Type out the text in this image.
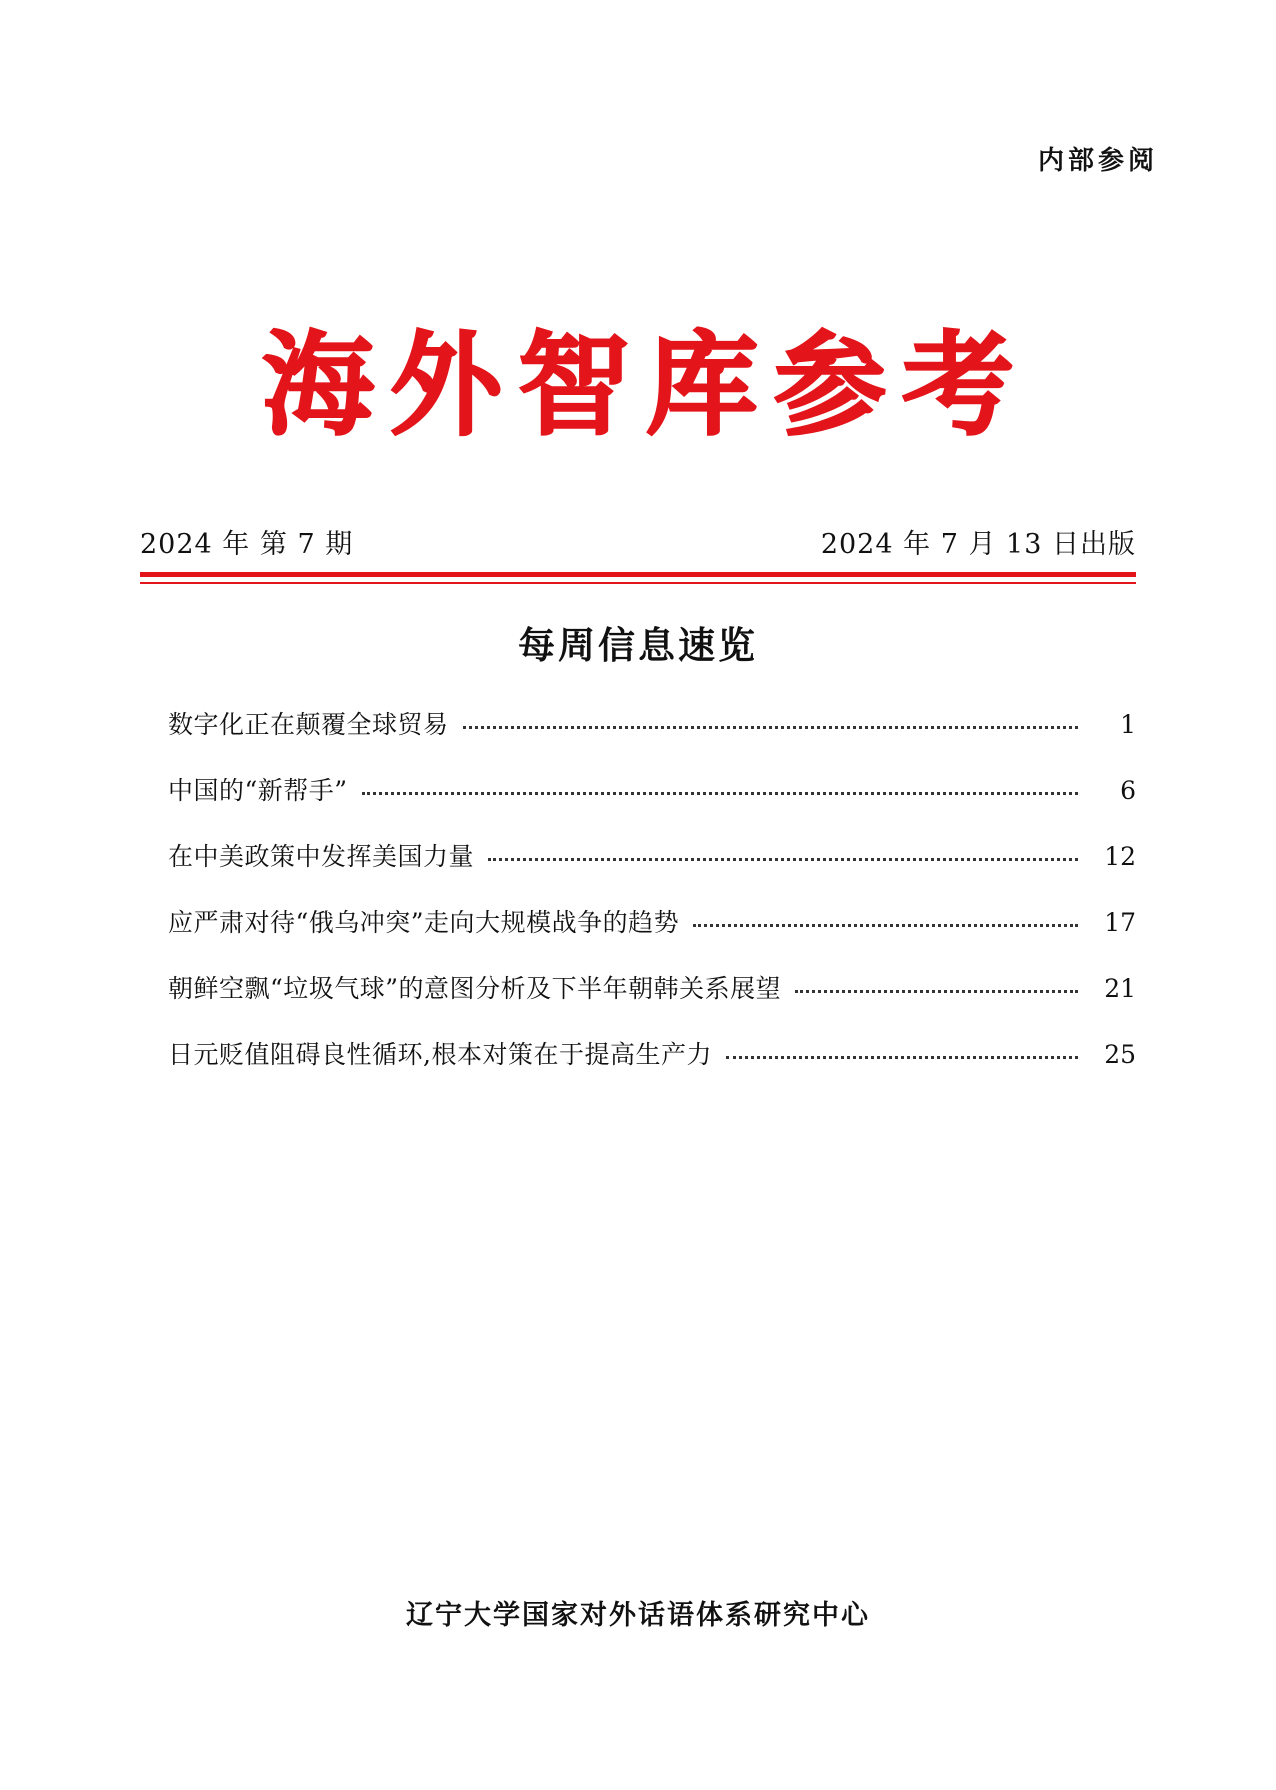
内部参阅
海外智库参考
2024 年 第 7 期	2024 年 7 月 13 日出版
每周信息速览
数字化正在颠覆全球贸易	1
中国的“新帮手”	6
在中美政策中发挥美国力量	12
应严肃对待“俄乌冲突”走向大规模战争的趋势	17
朝鲜空飘“垃圾气球”的意图分析及下半年朝韩关系展望	21
日元贬值阻碍良性循环,根本对策在于提高生产力	25
辽宁大学国家对外话语体系研究中心
